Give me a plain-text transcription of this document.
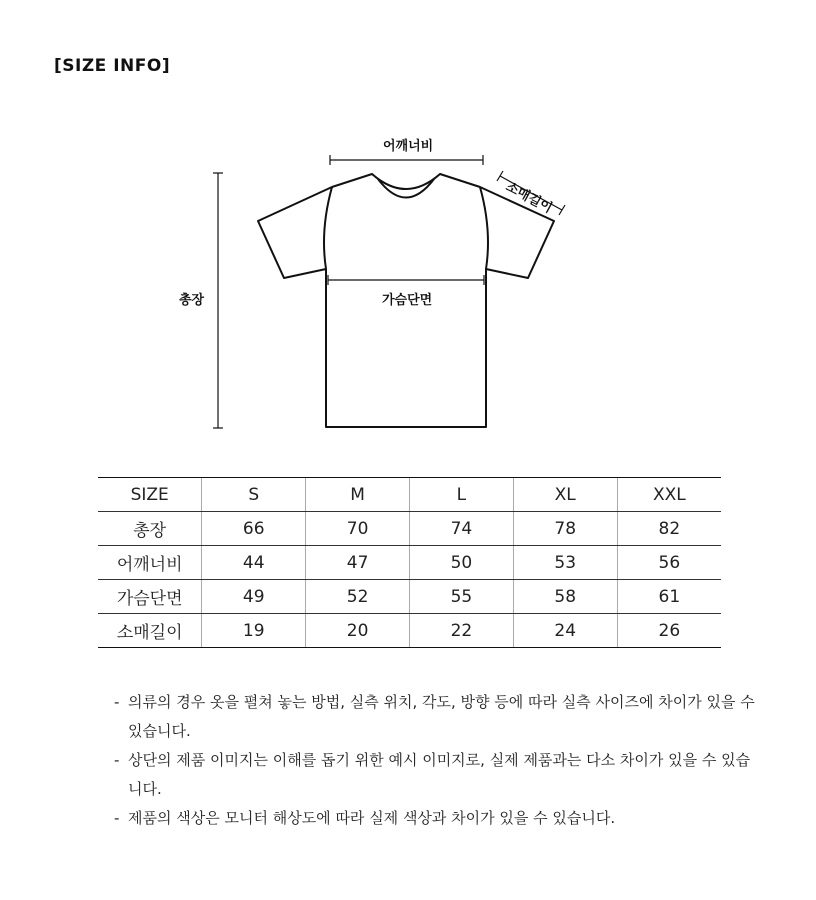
[SIZE INFO]
어깨너비
소매길이
총장	가슴단면
SIZE	S	M	L	XL	XXL
총장	66	70	74	78	82
어깨너비	44	47	50	53	56
가슴단면	49	52	55	58	61
소매길이	19	20	22	24	26
- 의류의 경우 옷을 펼쳐 놓는 방법, 실측 위치, 각도, 방향 등에 따라 실측 사이즈에 차이가 있을 수 있습니다.
- 상단의 제품 이미지는 이해를 돕기 위한 예시 이미지로, 실제 제품과는 다소 차이가 있을 수 있습니다.
- 제품의 색상은 모니터 해상도에 따라 실제 색상과 차이가 있을 수 있습니다.
